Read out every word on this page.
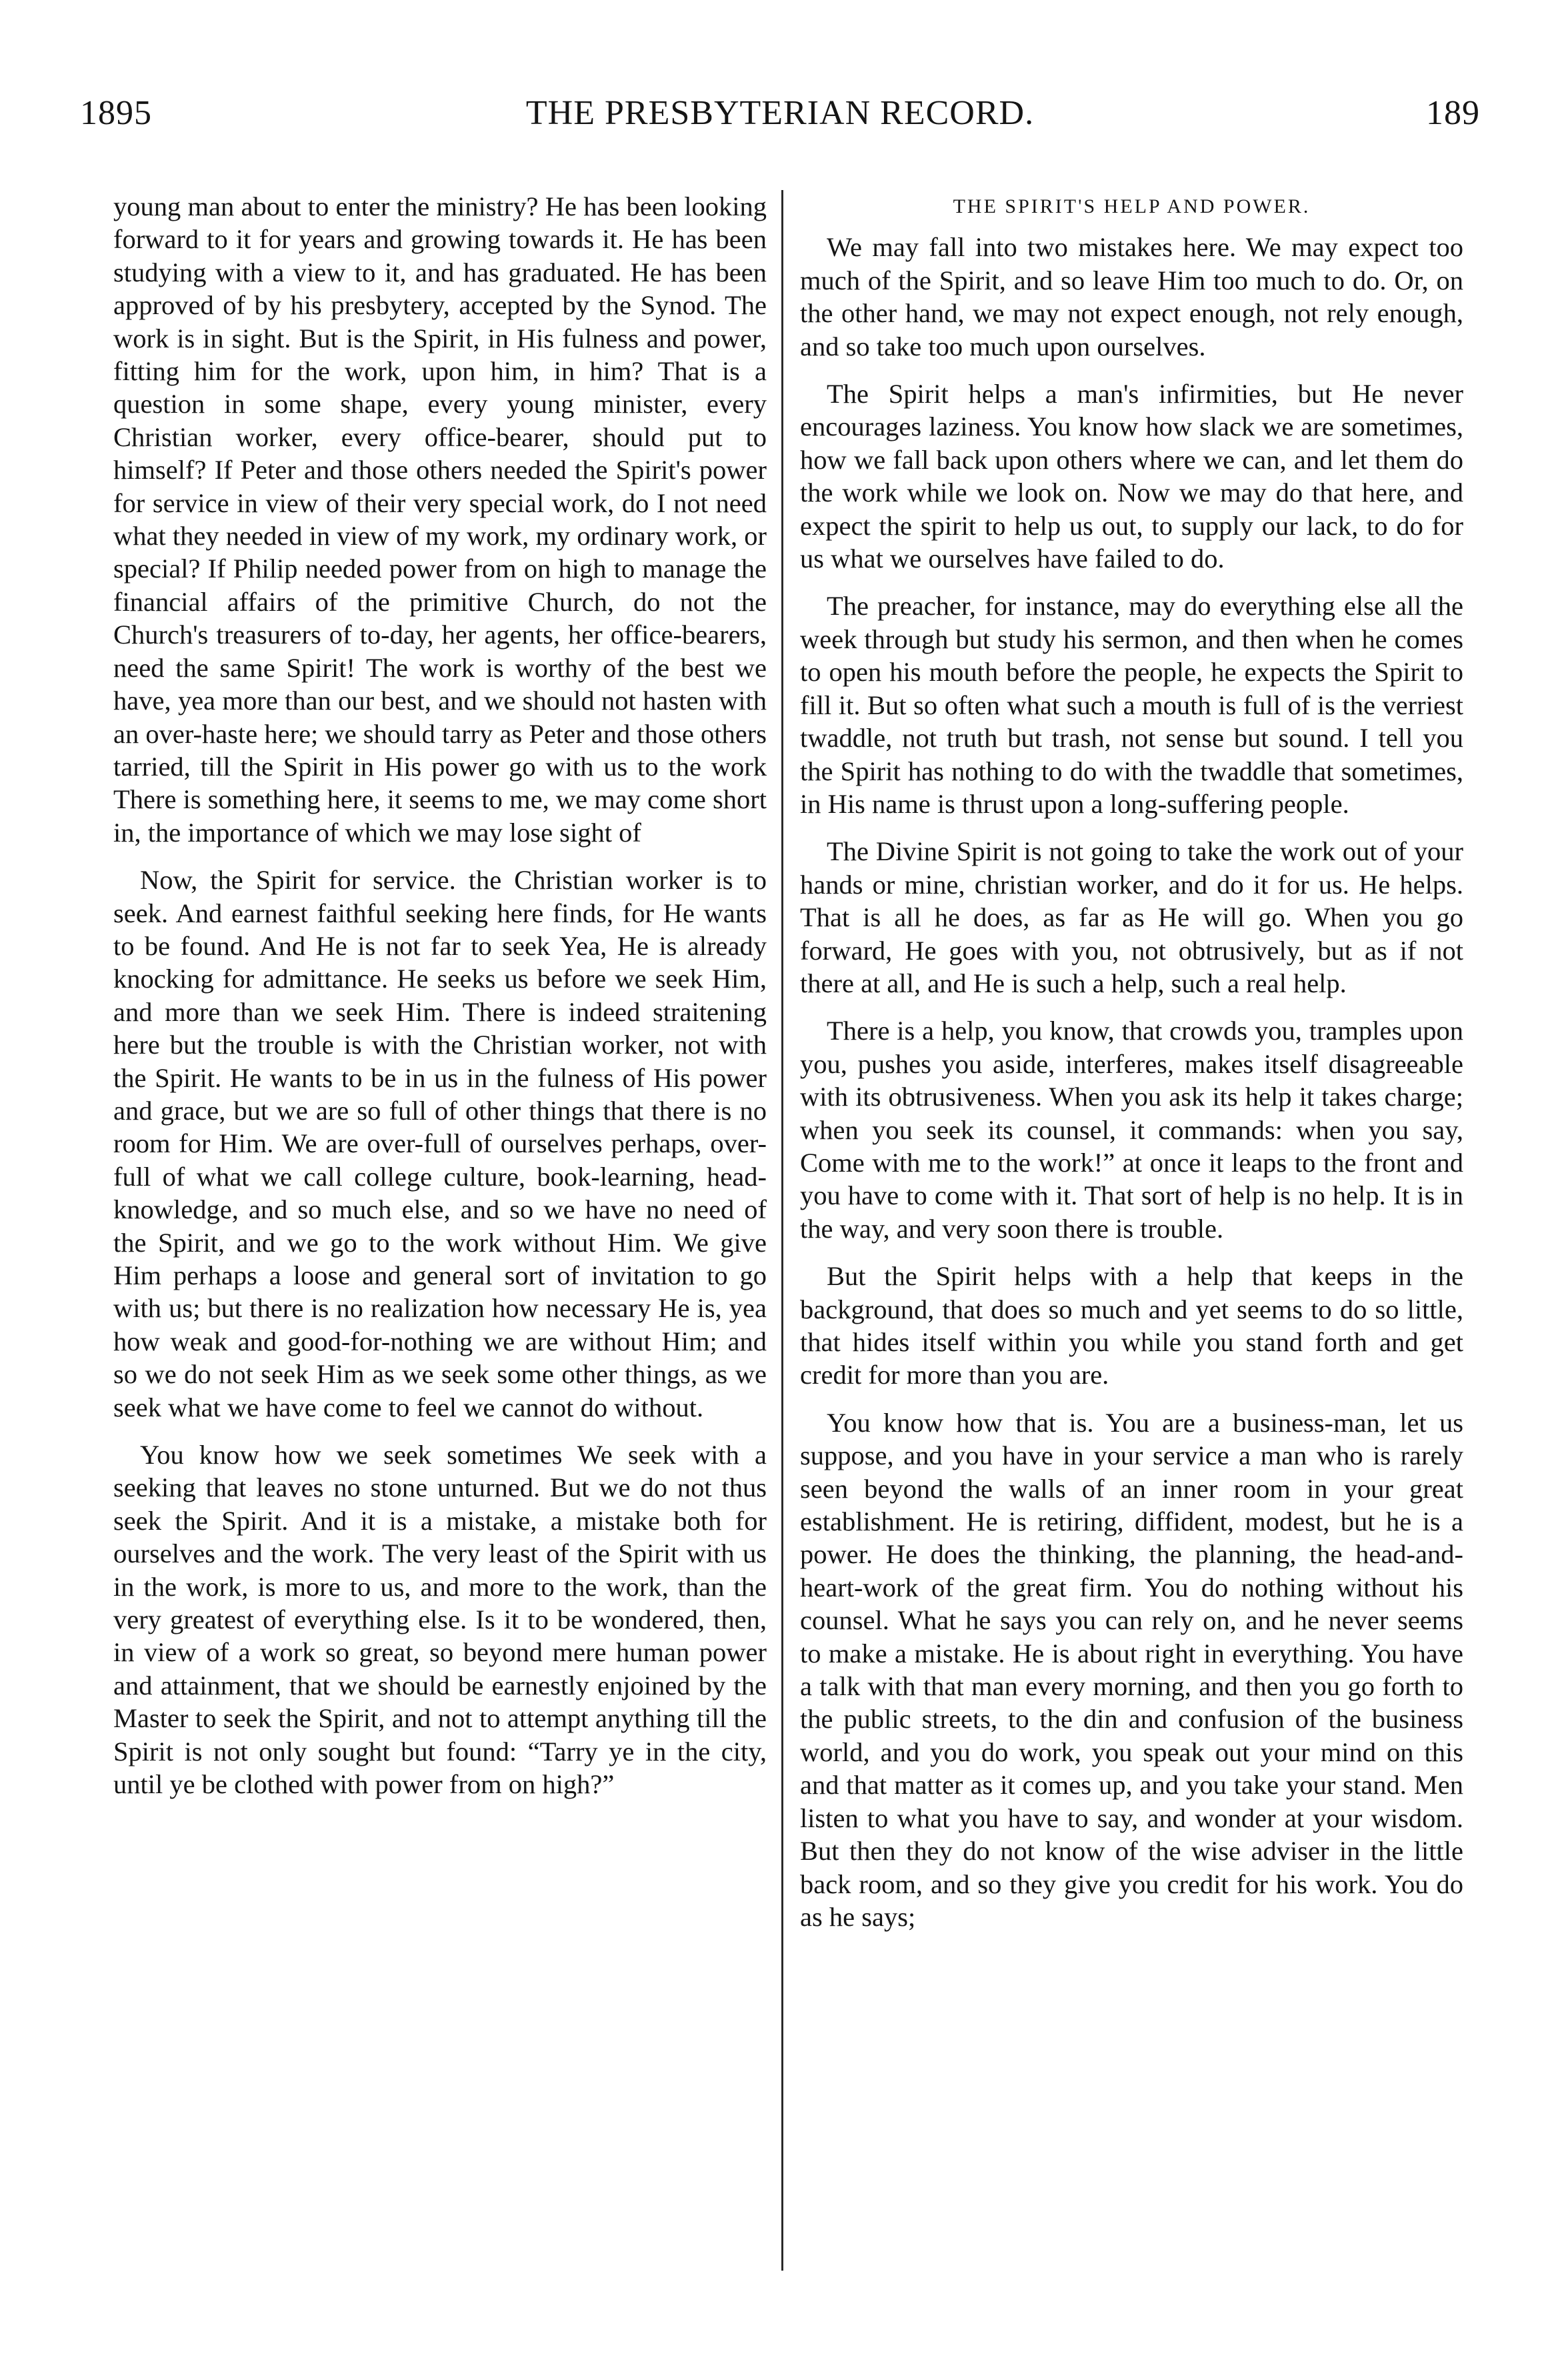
1895	THE PRESBYTERIAN RECORD.	189

young man about to enter the ministry? He has been looking forward to it for years and growing towards it. He has been studying with a view to it, and has graduated. He has been approved of by his presbytery, accepted by the Synod. The work is in sight. But is the Spirit, in His fulness and power, fitting him for the work, upon him, in him? That is a question in some shape, every young minister, every Christian worker, every office-bearer, should put to himself? If Peter and those others needed the Spirit's power for service in view of their very special work, do I not need what they needed in view of my work, my ordinary work, or special? If Philip needed power from on high to manage the financial affairs of the primitive Church, do not the Church's treasurers of to-day, her agents, her office-bearers, need the same Spirit! The work is worthy of the best we have, yea more than our best, and we should not hasten with an over-haste here; we should tarry as Peter and those others tarried, till the Spirit in His power go with us to the work There is something here, it seems to me, we may come short in, the importance of which we may lose sight of

Now, the Spirit for service. the Christian worker is to seek. And earnest faithful seeking here finds, for He wants to be found. And He is not far to seek Yea, He is already knocking for admittance. He seeks us before we seek Him, and more than we seek Him. There is indeed straitening here but the trouble is with the Christian worker, not with the Spirit. He wants to be in us in the fulness of His power and grace, but we are so full of other things that there is no room for Him. We are over-full of ourselves perhaps, over-full of what we call college culture, book-learning, head-knowledge, and so much else, and so we have no need of the Spirit, and we go to the work without Him. We give Him perhaps a loose and general sort of invitation to go with us; but there is no realization how necessary He is, yea how weak and good-for-nothing we are without Him; and so we do not seek Him as we seek some other things, as we seek what we have come to feel we cannot do without.

You know how we seek sometimes We seek with a seeking that leaves no stone unturned. But we do not thus seek the Spirit. And it is a mistake, a mistake both for ourselves and the work. The very least of the Spirit with us in the work, is more to us, and more to the work, than the very greatest of everything else. Is it to be wondered, then, in view of a work so great, so beyond mere human power and attainment, that we should be earnestly enjoined by the Master to seek the Spirit, and not to attempt anything till the Spirit is not only sought but found: “Tarry ye in the city, until ye be clothed with power from on high?”

THE SPIRIT'S HELP AND POWER.

We may fall into two mistakes here. We may expect too much of the Spirit, and so leave Him too much to do. Or, on the other hand, we may not expect enough, not rely enough, and so take too much upon ourselves.

The Spirit helps a man's infirmities, but He never encourages laziness. You know how slack we are sometimes, how we fall back upon others where we can, and let them do the work while we look on. Now we may do that here, and expect the spirit to help us out, to supply our lack, to do for us what we ourselves have failed to do.

The preacher, for instance, may do everything else all the week through but study his sermon, and then when he comes to open his mouth before the people, he expects the Spirit to fill it. But so often what such a mouth is full of is the verriest twaddle, not truth but trash, not sense but sound. I tell you the Spirit has nothing to do with the twaddle that sometimes, in His name is thrust upon a long-suffering people.

The Divine Spirit is not going to take the work out of your hands or mine, christian worker, and do it for us. He helps. That is all he does, as far as He will go. When you go forward, He goes with you, not obtrusively, but as if not there at all, and He is such a help, such a real help.

There is a help, you know, that crowds you, tramples upon you, pushes you aside, interferes, makes itself disagreeable with its obtrusiveness. When you ask its help it takes charge; when you seek its counsel, it commands: when you say, Come with me to the work!” at once it leaps to the front and you have to come with it. That sort of help is no help. It is in the way, and very soon there is trouble.

But the Spirit helps with a help that keeps in the background, that does so much and yet seems to do so little, that hides itself within you while you stand forth and get credit for more than you are.

You know how that is. You are a business-man, let us suppose, and you have in your service a man who is rarely seen beyond the walls of an inner room in your great establishment. He is retiring, diffident, modest, but he is a power. He does the thinking, the planning, the head-and-heart-work of the great firm. You do nothing without his counsel. What he says you can rely on, and he never seems to make a mistake. He is about right in everything. You have a talk with that man every morning, and then you go forth to the public streets, to the din and confusion of the business world, and you do work, you speak out your mind on this and that matter as it comes up, and you take your stand. Men listen to what you have to say, and wonder at your wisdom. But then they do not know of the wise adviser in the little back room, and so they give you credit for his work. You do as he says;
